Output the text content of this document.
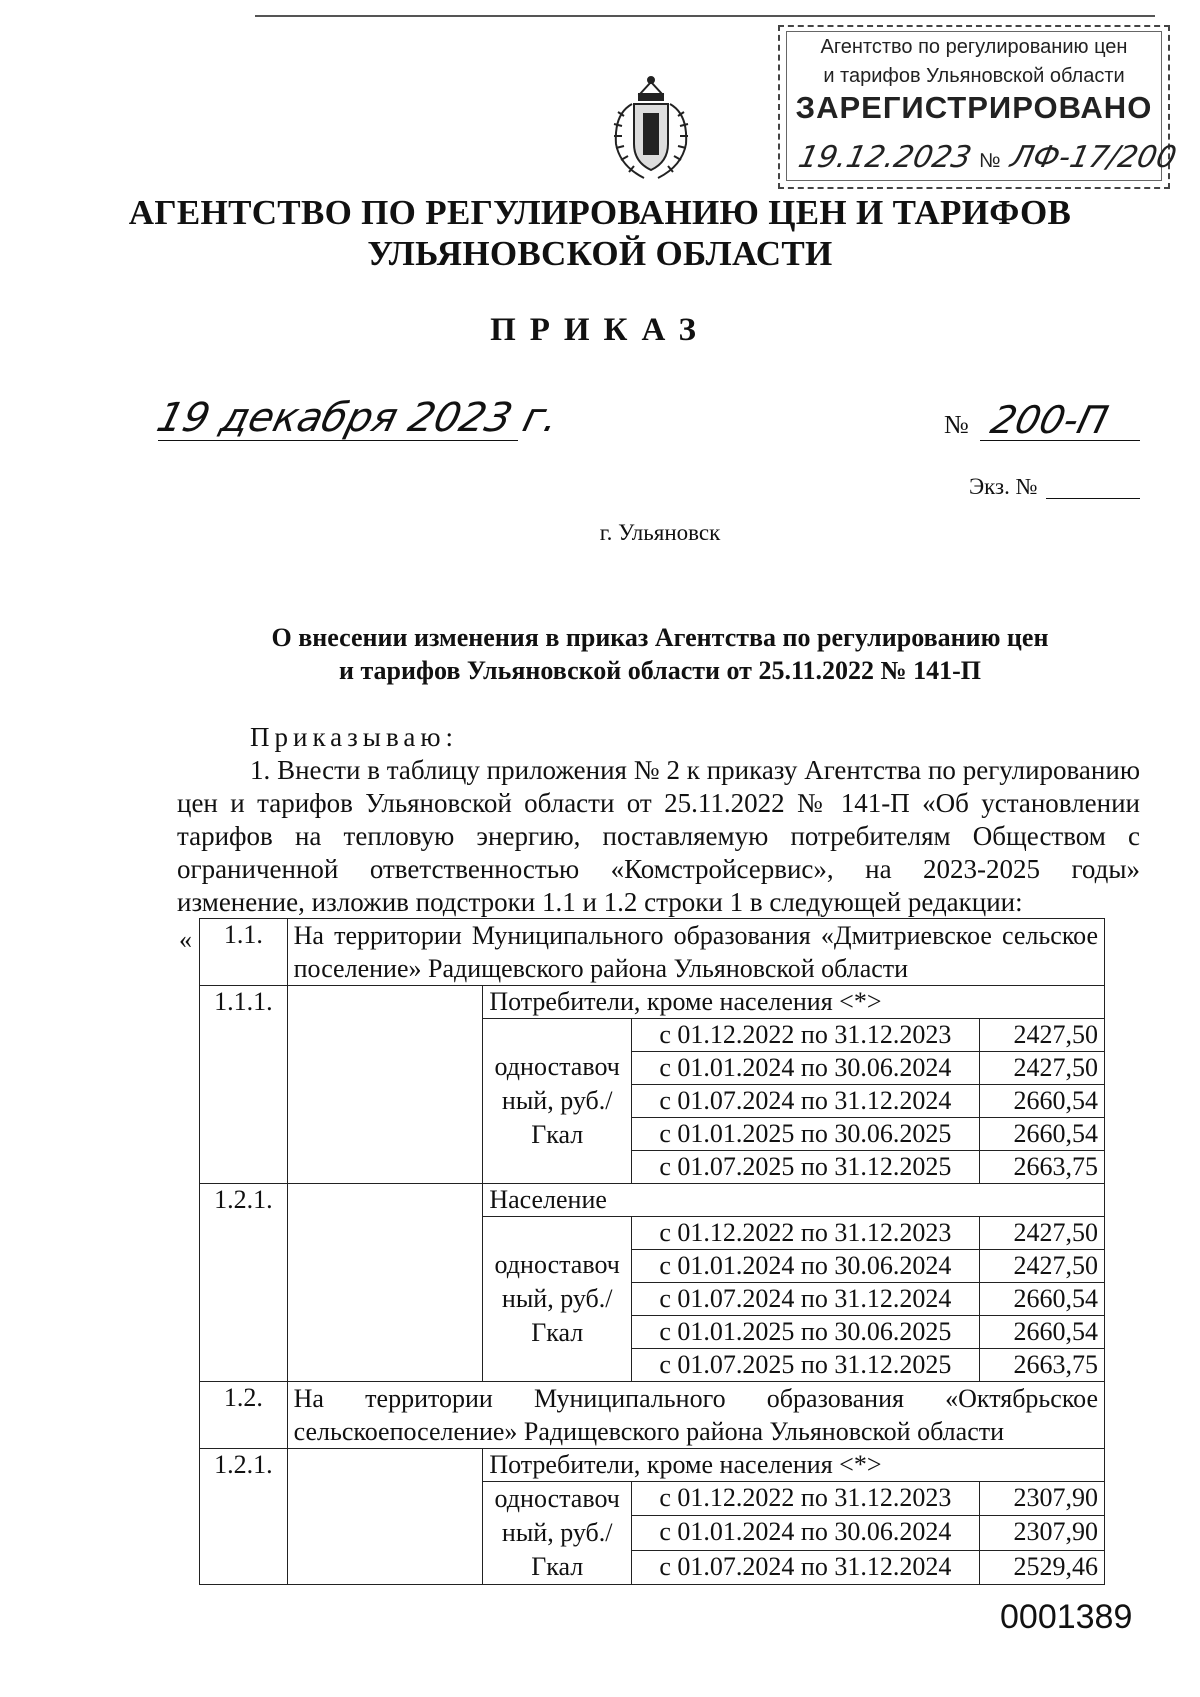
Агентство по регулированию цен
и тарифов Ульяновской области
ЗАРЕГИСТРИРОВАНО
19.12.2023 № ЛФ-17/200
АГЕНТСТВО ПО РЕГУЛИРОВАНИЮ ЦЕН И ТАРИФОВ
УЛЬЯНОВСКОЙ ОБЛАСТИ
ПРИКАЗ
19 декабря 2023 г.	№ 200-П
Экз. №
г. Ульяновск
О внесении изменения в приказ Агентства по регулированию цен
и тарифов Ульяновской области от 25.11.2022 № 141-П
Приказываю:
1. Внести в таблицу приложения № 2 к приказу Агентства по регулированию цен и тарифов Ульяновской области от 25.11.2022 № 141-П «Об установлении тарифов на тепловую энергию, поставляемую потребителям Обществом с ограниченной ответственностью «Комстройсервис», на 2023-2025 годы» изменение, изложив подстроки 1.1 и 1.2 строки 1 в следующей редакции:
« 1.1.	На территории Муниципального образования «Дмитриевское сельское поселение» Радищевского района Ульяновской области			
1.1.1.		Потребители, кроме населения <*>		
		одноставоч ный, руб./Гкал	с 01.12.2022 по 31.12.2023	2427,50
			с 01.01.2024 по 30.06.2024	2427,50
			с 01.07.2024 по 31.12.2024	2660,54
			с 01.01.2025 по 30.06.2025	2660,54
			с 01.07.2025 по 31.12.2025	2663,75
1.2.1.		Население		
		одноставоч ный, руб./Гкал	с 01.12.2022 по 31.12.2023	2427,50
			с 01.01.2024 по 30.06.2024	2427,50
			с 01.07.2024 по 31.12.2024	2660,54
			с 01.01.2025 по 30.06.2025	2660,54
			с 01.07.2025 по 31.12.2025	2663,75
1.2.	На территории Муниципального образования «Октябрьское сельскоепоселение» Радищевского района Ульяновской области			
1.2.1.		Потребители, кроме населения <*>		
		одноставоч ный, руб./Гкал	с 01.12.2022 по 31.12.2023	2307,90
			с 01.01.2024 по 30.06.2024	2307,90
			с 01.07.2024 по 31.12.2024	2529,46
0001389
